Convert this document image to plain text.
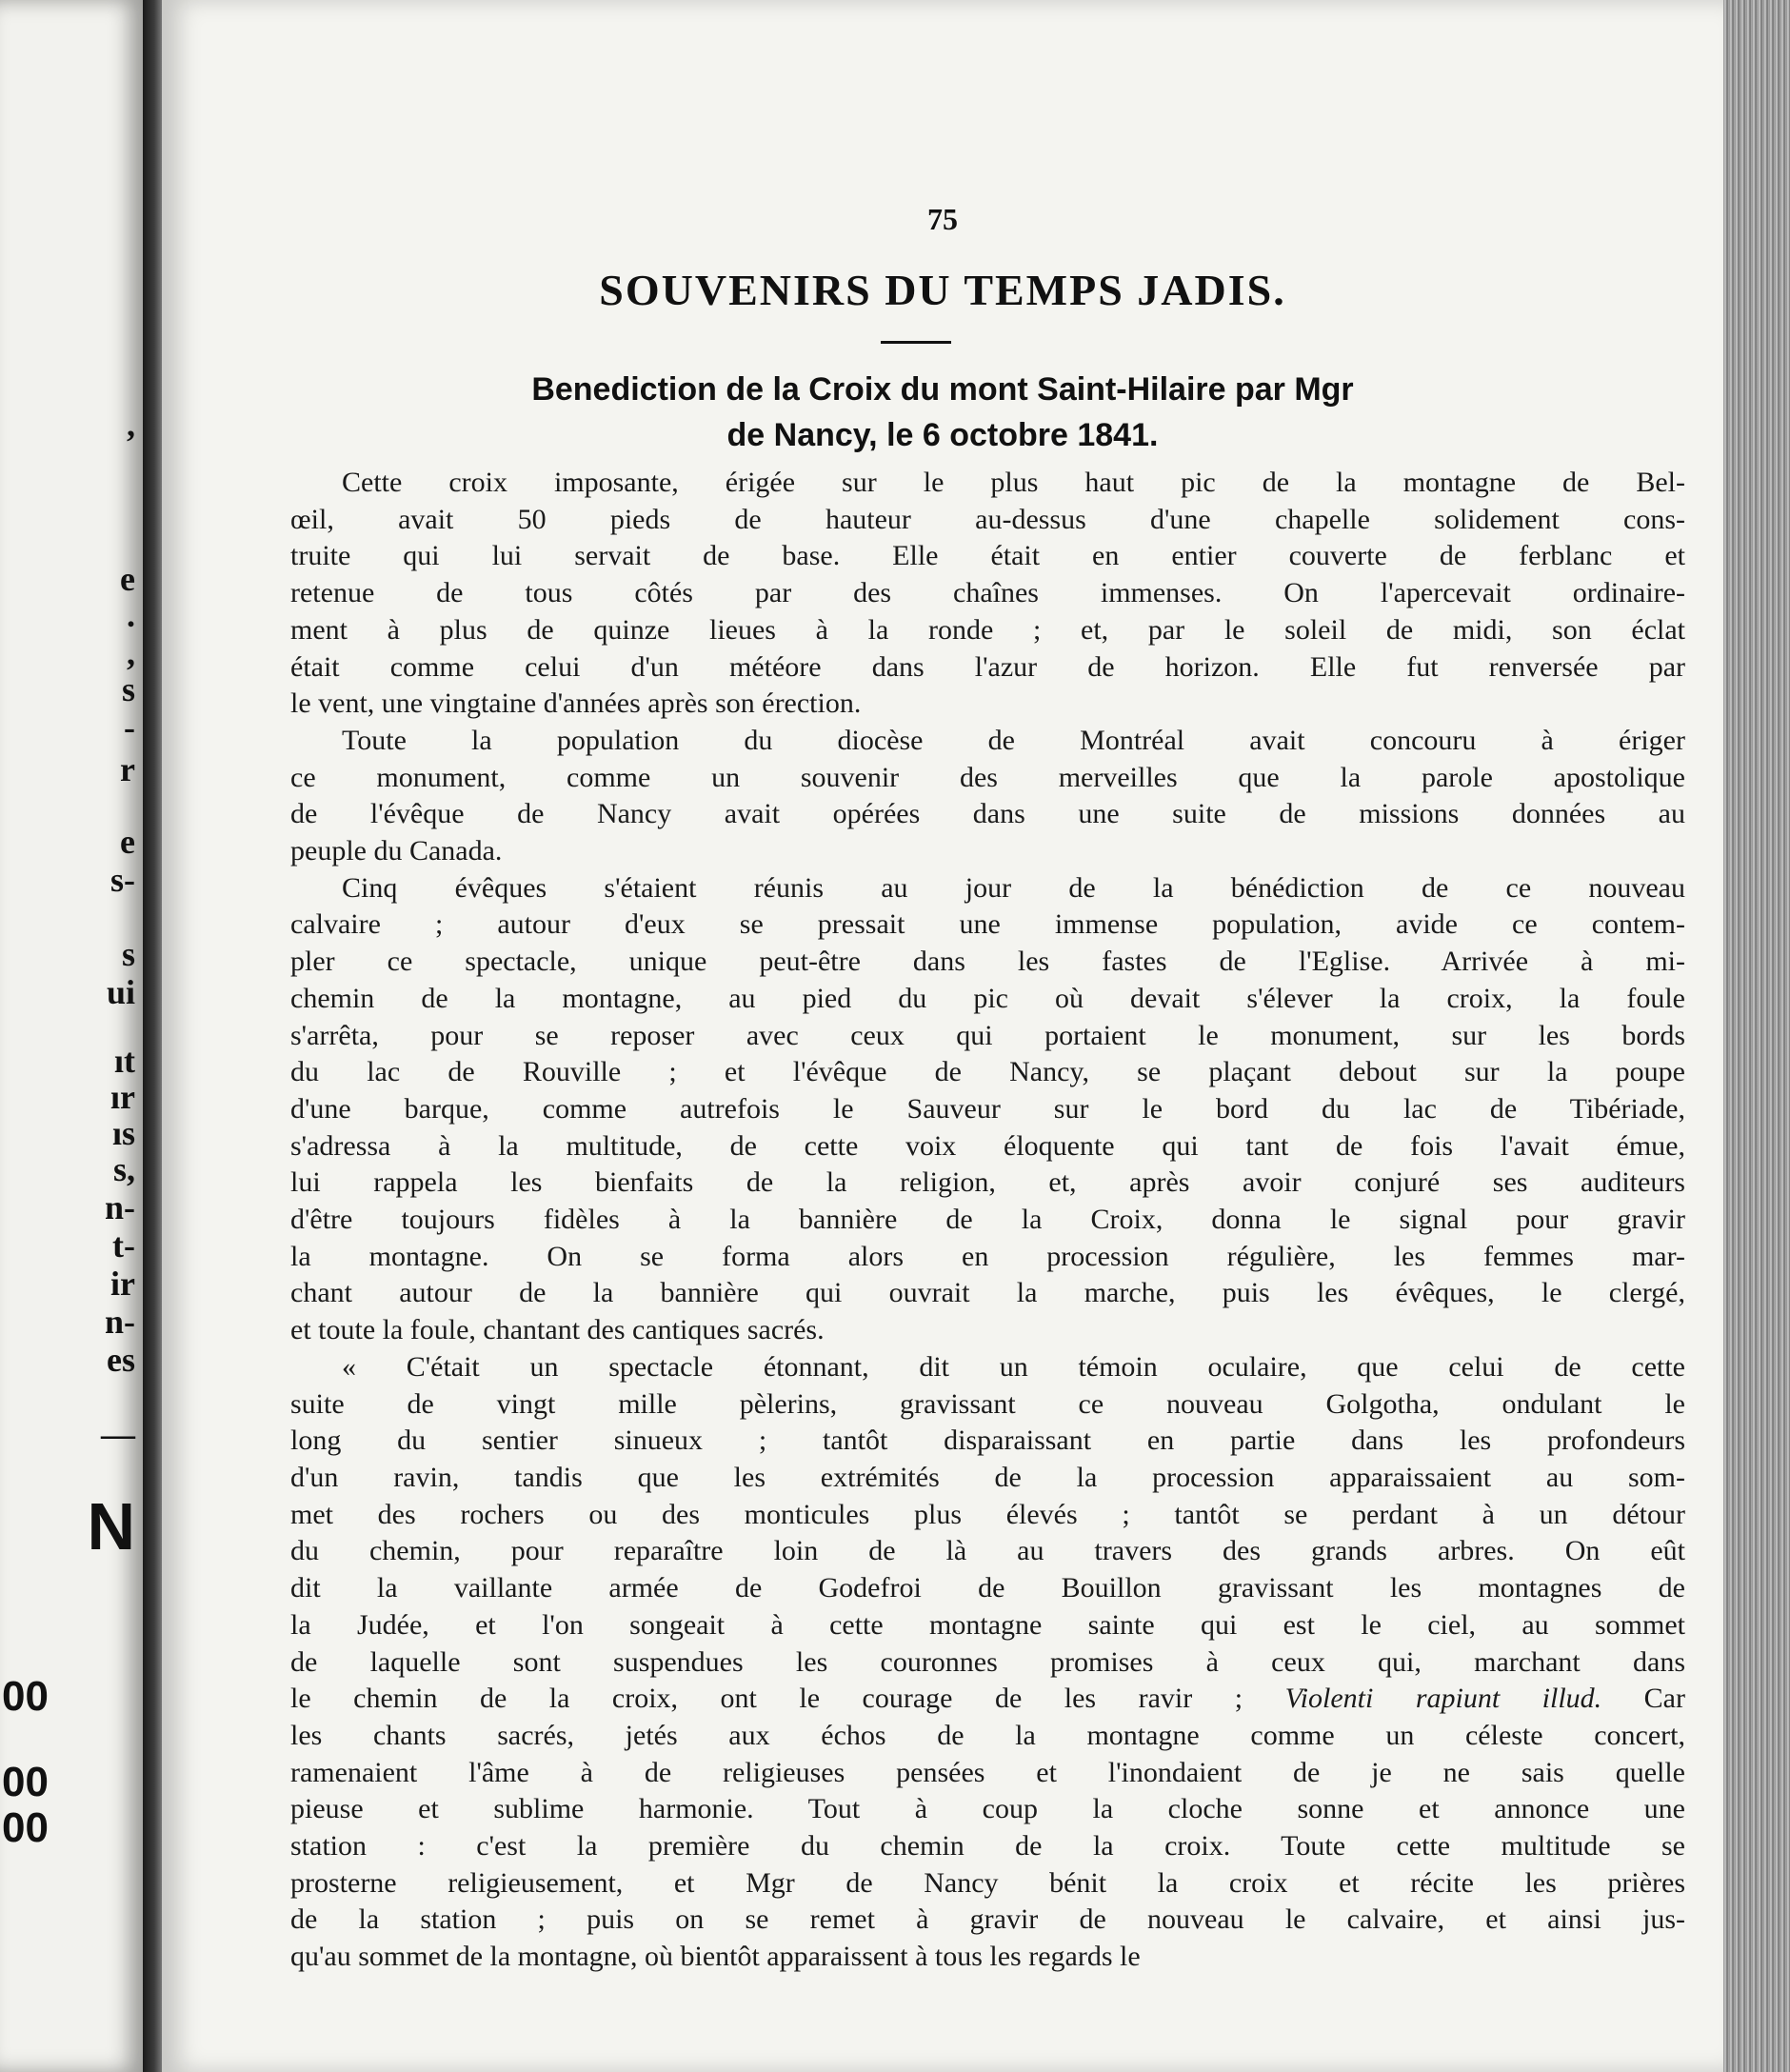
,
e
.
,
s
-
r
e
s-
s
ui
ıt
ır
ıs
s,
n-
t-
ir
n-
es
—
N
00
00
00
75
SOUVENIRS DU TEMPS JADIS.
Benediction de la Croix du mont Saint-Hilaire par Mgr
de Nancy, le 6 octobre 1841.
Cette croix imposante, érigée sur le plus haut pic de la montagne de Bel-
œil, avait 50 pieds de hauteur au-dessus d'une chapelle solidement cons-
truite qui lui servait de base. Elle était en entier couverte de ferblanc et
retenue de tous côtés par des chaînes immenses. On l'apercevait ordinaire-
ment à plus de quinze lieues à la ronde ; et, par le soleil de midi, son éclat
était comme celui d'un météore dans l'azur de horizon. Elle fut renversée par
le vent, une vingtaine d'années après son érection.
Toute la population du diocèse de Montréal avait concouru à ériger
ce monument, comme un souvenir des merveilles que la parole apostolique
de l'évêque de Nancy avait opérées dans une suite de missions données au
peuple du Canada.
Cinq évêques s'étaient réunis au jour de la bénédiction de ce nouveau
calvaire ; autour d'eux se pressait une immense population, avide ce contem-
pler ce spectacle, unique peut-être dans les fastes de l'Eglise. Arrivée à mi-
chemin de la montagne, au pied du pic où devait s'élever la croix, la foule
s'arrêta, pour se reposer avec ceux qui portaient le monument, sur les bords
du lac de Rouville ; et l'évêque de Nancy, se plaçant debout sur la poupe
d'une barque, comme autrefois le Sauveur sur le bord du lac de Tibériade,
s'adressa à la multitude, de cette voix éloquente qui tant de fois l'avait émue,
lui rappela les bienfaits de la religion, et, après avoir conjuré ses auditeurs
d'être toujours fidèles à la bannière de la Croix, donna le signal pour gravir
la montagne. On se forma alors en procession régulière, les femmes mar-
chant autour de la bannière qui ouvrait la marche, puis les évêques, le clergé,
et toute la foule, chantant des cantiques sacrés.
« C'était un spectacle étonnant, dit un témoin oculaire, que celui de cette
suite de vingt mille pèlerins, gravissant ce nouveau Golgotha, ondulant le
long du sentier sinueux ; tantôt disparaissant en partie dans les profondeurs
d'un ravin, tandis que les extrémités de la procession apparaissaient au som-
met des rochers ou des monticules plus élevés ; tantôt se perdant à un détour
du chemin, pour reparaître loin de là au travers des grands arbres. On eût
dit la vaillante armée de Godefroi de Bouillon gravissant les montagnes de
la Judée, et l'on songeait à cette montagne sainte qui est le ciel, au sommet
de laquelle sont suspendues les couronnes promises à ceux qui, marchant dans
le chemin de la croix, ont le courage de les ravir ; Violenti rapiunt illud. Car
les chants sacrés, jetés aux échos de la montagne comme un céleste concert,
ramenaient l'âme à de religieuses pensées et l'inondaient de je ne sais quelle
pieuse et sublime harmonie. Tout à coup la cloche sonne et annonce une
station : c'est la première du chemin de la croix. Toute cette multitude se
prosterne religieusement, et Mgr de Nancy bénit la croix et récite les prières
de la station ; puis on se remet à gravir de nouveau le calvaire, et ainsi jus-
qu'au sommet de la montagne, où bientôt apparaissent à tous les regards le
